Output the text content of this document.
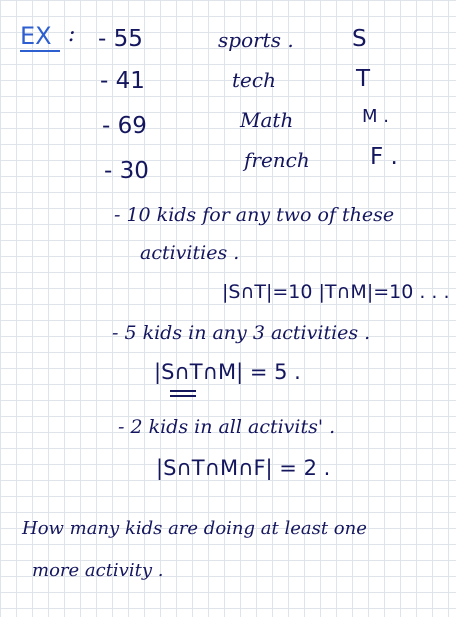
EX : - 55	sports .	S
- 41	tech	T
- 69	Math	M .
- 30	french	F .
- 10 kids for any two of these
activities .
|S∩T|=10 |T∩M|=10 . . .
- 5 kids in any 3 activities .
|S∩T∩M| = 5 .
- 2 kids in all activits' .
|S∩T∩M∩F| = 2 .
How many kids are doing at least one
more activity .
